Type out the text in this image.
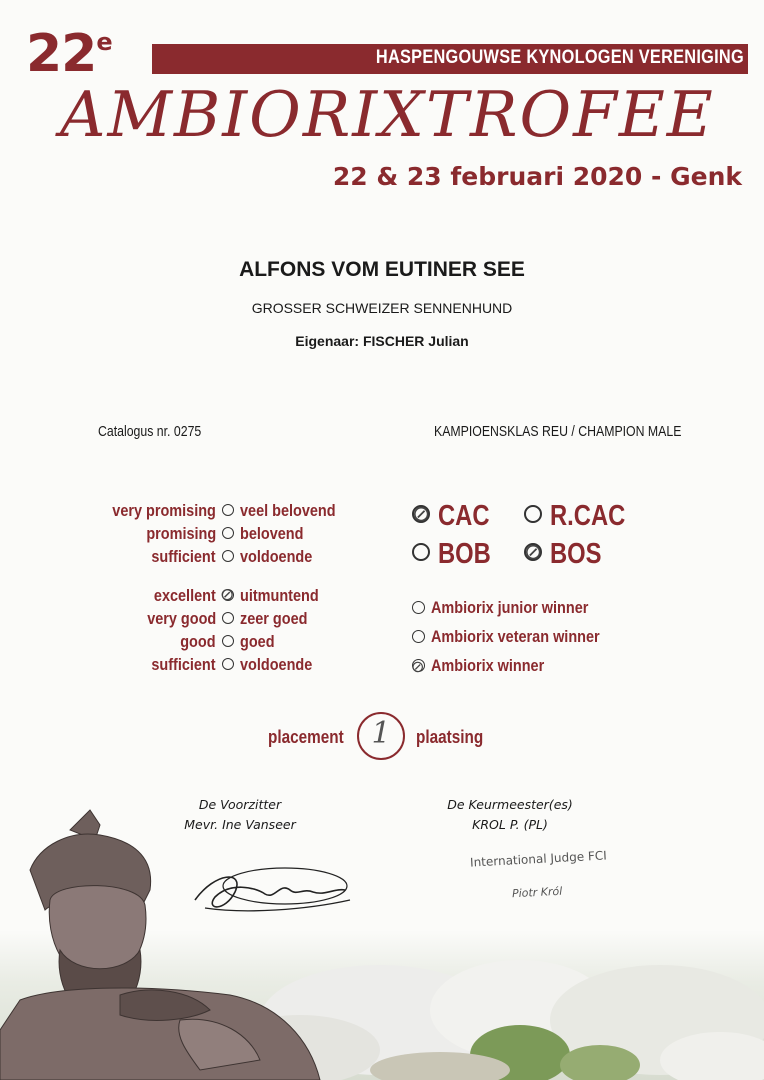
22e
HASPENGOUWSE KYNOLOGEN VERENIGING
AMBIORIXTROFEE
22 & 23 februari 2020 - Genk
ALFONS VOM EUTINER SEE
GROSSER SCHWEIZER SENNENHUND
Eigenaar: FISCHER Julian
Catalogus nr. 0275	KAMPIOENSKLAS REU / CHAMPION MALE
very promising veel belovend
promising belovend
sufficient voldoende
excellent ⊘ uitmuntend
very good zeer goed
good goed
sufficient voldoende
⊘ CAC	R.CAC
BOB	⊘ BOS
Ambiorix junior winner
Ambiorix veteran winner
⊘ Ambiorix winner
placement 1	plaatsing
De Voorzitter
Mevr. Ine Vanseer
De Keurmeester(es)
KROL P. (PL)
International Judge FCI
Piotr Król
